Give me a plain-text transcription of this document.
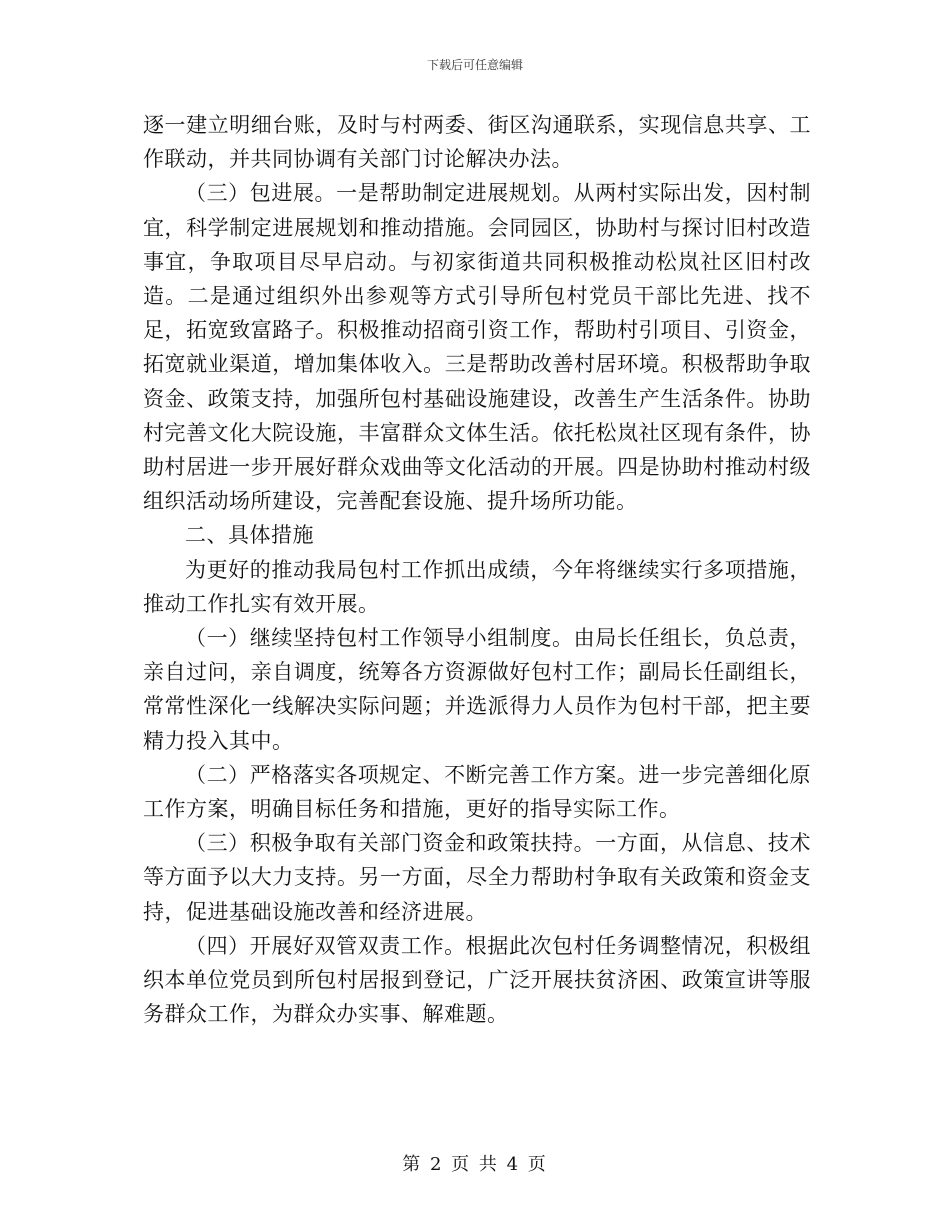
下载后可任意编辑

逐一建立明细台账，及时与村两委、街区沟通联系，实现信息共享、工作联动，并共同协调有关部门讨论解决办法。

（三）包进展。一是帮助制定进展规划。从两村实际出发，因村制宜，科学制定进展规划和推动措施。会同园区，协助村与探讨旧村改造事宜，争取项目尽早启动。与初家街道共同积极推动松岚社区旧村改造。二是通过组织外出参观等方式引导所包村党员干部比先进、找不足，拓宽致富路子。积极推动招商引资工作，帮助村引项目、引资金，拓宽就业渠道，增加集体收入。三是帮助改善村居环境。积极帮助争取资金、政策支持，加强所包村基础设施建设，改善生产生活条件。协助村完善文化大院设施，丰富群众文体生活。依托松岚社区现有条件，协助村居进一步开展好群众戏曲等文化活动的开展。四是协助村推动村级组织活动场所建设，完善配套设施、提升场所功能。

二、具体措施

为更好的推动我局包村工作抓出成绩，今年将继续实行多项措施，推动工作扎实有效开展。

（一）继续坚持包村工作领导小组制度。由局长任组长，负总责，亲自过问，亲自调度，统筹各方资源做好包村工作；副局长任副组长，常常性深化一线解决实际问题；并选派得力人员作为包村干部，把主要精力投入其中。

（二）严格落实各项规定、不断完善工作方案。进一步完善细化原工作方案，明确目标任务和措施，更好的指导实际工作。

（三）积极争取有关部门资金和政策扶持。一方面，从信息、技术等方面予以大力支持。另一方面，尽全力帮助村争取有关政策和资金支持，促进基础设施改善和经济进展。

（四）开展好双管双责工作。根据此次包村任务调整情况，积极组织本单位党员到所包村居报到登记，广泛开展扶贫济困、政策宣讲等服务群众工作，为群众办实事、解难题。

第 2 页 共 4 页
